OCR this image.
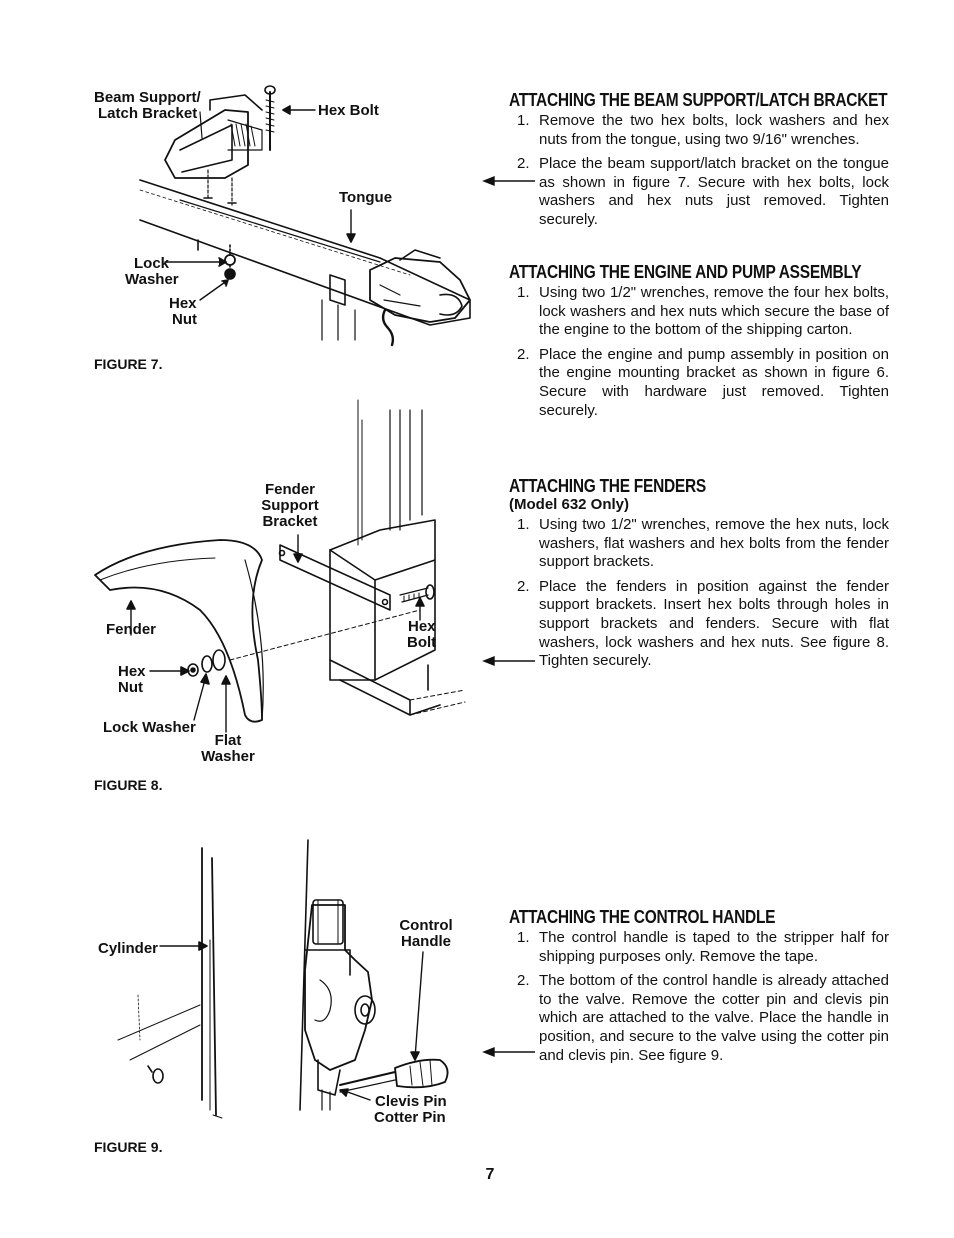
Beam Support/
Latch Bracket	Hex Bolt
Tongue
Lock
Washer
Hex
Nut
FIGURE 7.
Fender
Support
Bracket
Fender	Hex
Bolt
Hex
Nut
Lock Washer
Flat
Washer
FIGURE 8.
Cylinder
Control
Handle
Clevis Pin
Cotter Pin
FIGURE 9.
ATTACHING THE BEAM SUPPORT/LATCH BRACKET
1. Remove the two hex bolts, lock washers and hex nuts from the tongue, using two 9/16" wrenches.
2. Place the beam support/latch bracket on the tongue as shown in figure 7. Secure with hex bolts, lock washers and hex nuts just removed. Tighten securely.
ATTACHING THE ENGINE AND PUMP ASSEMBLY
1. Using two 1/2" wrenches, remove the four hex bolts, lock washers and hex nuts which secure the base of the engine to the bottom of the shipping carton.
2. Place the engine and pump assembly in position on the engine mounting bracket as shown in figure 6. Secure with hardware just removed. Tighten securely.
ATTACHING THE FENDERS
(Model 632 Only)
1. Using two 1/2" wrenches, remove the hex nuts, lock washers, flat washers and hex bolts from the fender support brackets.
2. Place the fenders in position against the fender support brackets. Insert hex bolts through holes in support brackets and fenders. Secure with flat washers, lock washers and hex nuts. See figure 8. Tighten securely.
ATTACHING THE CONTROL HANDLE
1. The control handle is taped to the stripper half for shipping purposes only. Remove the tape.
2. The bottom of the control handle is already attached to the valve. Remove the cotter pin and clevis pin which are attached to the valve. Place the handle in position, and secure to the valve using the cotter pin and clevis pin. See figure 9.
7
